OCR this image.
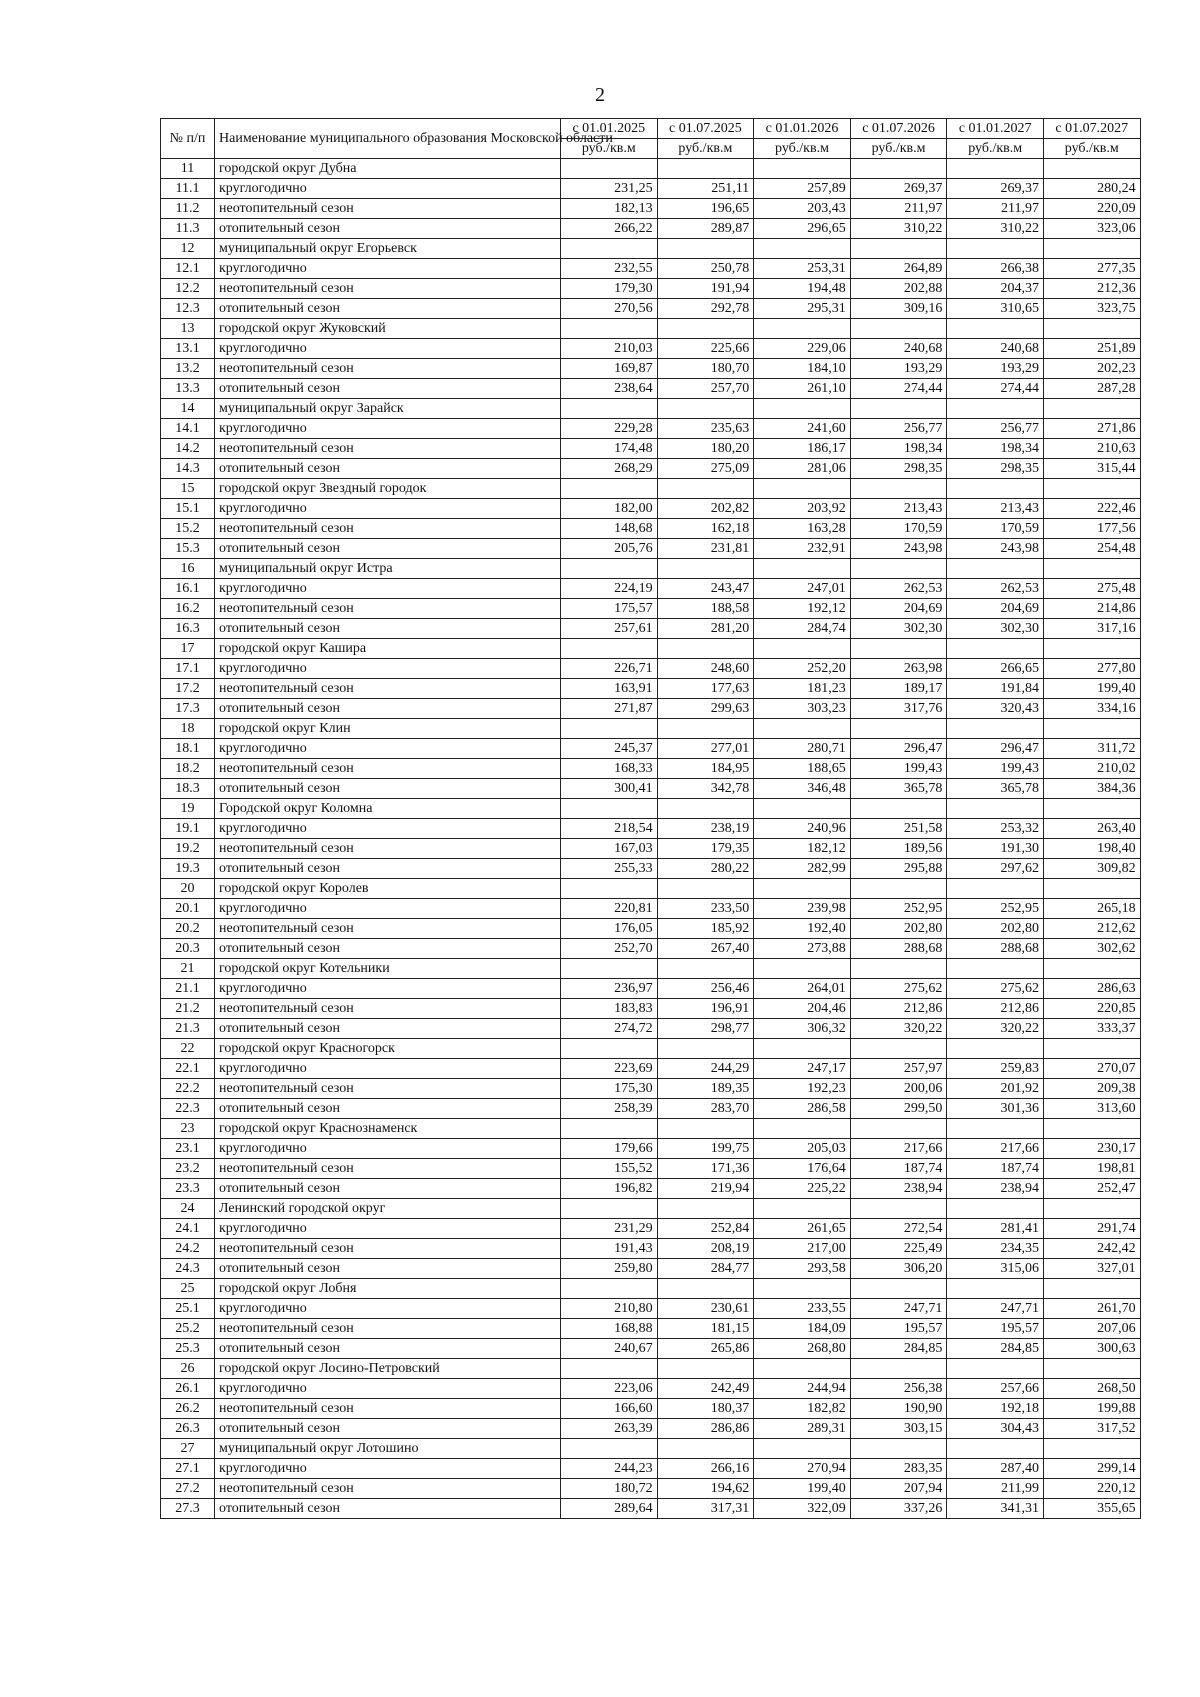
2
№ п/п	Наименование муниципального образования Московской области	с 01.01.2025	с 01.07.2025	с 01.01.2026	с 01.07.2026	с 01.01.2027	с 01.07.2027
		руб./кв.м	руб./кв.м	руб./кв.м	руб./кв.м	руб./кв.м	руб./кв.м
11	городской округ Дубна						
11.1	круглогодично	231,25	251,11	257,89	269,37	269,37	280,24
11.2	неотопительный сезон	182,13	196,65	203,43	211,97	211,97	220,09
11.3	отопительный сезон	266,22	289,87	296,65	310,22	310,22	323,06
12	муниципальный округ Егорьевск						
12.1	круглогодично	232,55	250,78	253,31	264,89	266,38	277,35
12.2	неотопительный сезон	179,30	191,94	194,48	202,88	204,37	212,36
12.3	отопительный сезон	270,56	292,78	295,31	309,16	310,65	323,75
13	городской округ Жуковский						
13.1	круглогодично	210,03	225,66	229,06	240,68	240,68	251,89
13.2	неотопительный сезон	169,87	180,70	184,10	193,29	193,29	202,23
13.3	отопительный сезон	238,64	257,70	261,10	274,44	274,44	287,28
14	муниципальный округ Зарайск						
14.1	круглогодично	229,28	235,63	241,60	256,77	256,77	271,86
14.2	неотопительный сезон	174,48	180,20	186,17	198,34	198,34	210,63
14.3	отопительный сезон	268,29	275,09	281,06	298,35	298,35	315,44
15	городской округ Звездный городок						
15.1	круглогодично	182,00	202,82	203,92	213,43	213,43	222,46
15.2	неотопительный сезон	148,68	162,18	163,28	170,59	170,59	177,56
15.3	отопительный сезон	205,76	231,81	232,91	243,98	243,98	254,48
16	муниципальный округ Истра						
16.1	круглогодично	224,19	243,47	247,01	262,53	262,53	275,48
16.2	неотопительный сезон	175,57	188,58	192,12	204,69	204,69	214,86
16.3	отопительный сезон	257,61	281,20	284,74	302,30	302,30	317,16
17	городской округ Кашира						
17.1	круглогодично	226,71	248,60	252,20	263,98	266,65	277,80
17.2	неотопительный сезон	163,91	177,63	181,23	189,17	191,84	199,40
17.3	отопительный сезон	271,87	299,63	303,23	317,76	320,43	334,16
18	городской округ Клин						
18.1	круглогодично	245,37	277,01	280,71	296,47	296,47	311,72
18.2	неотопительный сезон	168,33	184,95	188,65	199,43	199,43	210,02
18.3	отопительный сезон	300,41	342,78	346,48	365,78	365,78	384,36
19	Городской округ Коломна						
19.1	круглогодично	218,54	238,19	240,96	251,58	253,32	263,40
19.2	неотопительный сезон	167,03	179,35	182,12	189,56	191,30	198,40
19.3	отопительный сезон	255,33	280,22	282,99	295,88	297,62	309,82
20	городской округ Королев						
20.1	круглогодично	220,81	233,50	239,98	252,95	252,95	265,18
20.2	неотопительный сезон	176,05	185,92	192,40	202,80	202,80	212,62
20.3	отопительный сезон	252,70	267,40	273,88	288,68	288,68	302,62
21	городской округ Котельники						
21.1	круглогодично	236,97	256,46	264,01	275,62	275,62	286,63
21.2	неотопительный сезон	183,83	196,91	204,46	212,86	212,86	220,85
21.3	отопительный сезон	274,72	298,77	306,32	320,22	320,22	333,37
22	городской округ Красногорск						
22.1	круглогодично	223,69	244,29	247,17	257,97	259,83	270,07
22.2	неотопительный сезон	175,30	189,35	192,23	200,06	201,92	209,38
22.3	отопительный сезон	258,39	283,70	286,58	299,50	301,36	313,60
23	городской округ Краснознаменск						
23.1	круглогодично	179,66	199,75	205,03	217,66	217,66	230,17
23.2	неотопительный сезон	155,52	171,36	176,64	187,74	187,74	198,81
23.3	отопительный сезон	196,82	219,94	225,22	238,94	238,94	252,47
24	Ленинский городской округ						
24.1	круглогодично	231,29	252,84	261,65	272,54	281,41	291,74
24.2	неотопительный сезон	191,43	208,19	217,00	225,49	234,35	242,42
24.3	отопительный сезон	259,80	284,77	293,58	306,20	315,06	327,01
25	городской округ Лобня						
25.1	круглогодично	210,80	230,61	233,55	247,71	247,71	261,70
25.2	неотопительный сезон	168,88	181,15	184,09	195,57	195,57	207,06
25.3	отопительный сезон	240,67	265,86	268,80	284,85	284,85	300,63
26	городской округ Лосино-Петровский						
26.1	круглогодично	223,06	242,49	244,94	256,38	257,66	268,50
26.2	неотопительный сезон	166,60	180,37	182,82	190,90	192,18	199,88
26.3	отопительный сезон	263,39	286,86	289,31	303,15	304,43	317,52
27	муниципальный округ Лотошино						
27.1	круглогодично	244,23	266,16	270,94	283,35	287,40	299,14
27.2	неотопительный сезон	180,72	194,62	199,40	207,94	211,99	220,12
27.3	отопительный сезон	289,64	317,31	322,09	337,26	341,31	355,65
